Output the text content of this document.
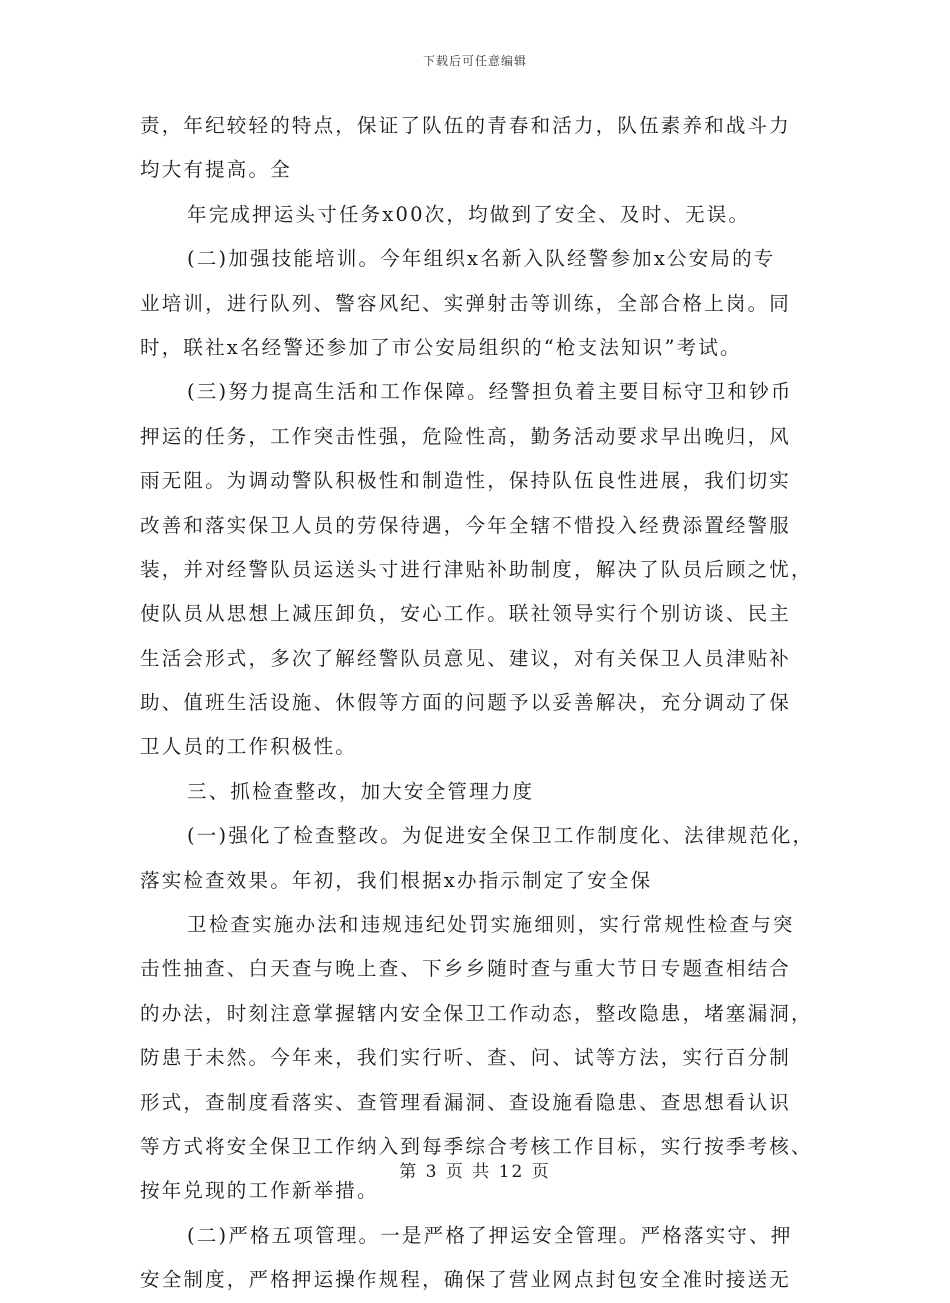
下载后可任意编辑
责，年纪较轻的特点，保证了队伍的青春和活力，队伍素养和战斗力
均大有提高。全
年完成押运头寸任务x00次，均做到了安全、及时、无误。
(二)加强技能培训。今年组织x名新入队经警参加x公安局的专
业培训，进行队列、警容风纪、实弹射击等训练，全部合格上岗。同
时，联社x名经警还参加了市公安局组织的“枪支法知识”考试。
(三)努力提高生活和工作保障。经警担负着主要目标守卫和钞币
押运的任务，工作突击性强，危险性高，勤务活动要求早出晚归，风
雨无阻。为调动警队积极性和制造性，保持队伍良性进展，我们切实
改善和落实保卫人员的劳保待遇，今年全辖不惜投入经费添置经警服
装，并对经警队员运送头寸进行津贴补助制度，解决了队员后顾之忧，
使队员从思想上减压卸负，安心工作。联社领导实行个别访谈、民主
生活会形式，多次了解经警队员意见、建议，对有关保卫人员津贴补
助、值班生活设施、休假等方面的问题予以妥善解决，充分调动了保
卫人员的工作积极性。
三、抓检查整改，加大安全管理力度
(一)强化了检查整改。为促进安全保卫工作制度化、法律规范化，
落实检查效果。年初，我们根据x办指示制定了安全保
卫检查实施办法和违规违纪处罚实施细则，实行常规性检查与突
击性抽查、白天查与晚上查、下乡乡随时查与重大节日专题查相结合
的办法，时刻注意掌握辖内安全保卫工作动态，整改隐患，堵塞漏洞，
防患于未然。今年来，我们实行听、查、问、试等方法，实行百分制
形式，查制度看落实、查管理看漏洞、查设施看隐患、查思想看认识
等方式将安全保卫工作纳入到每季综合考核工作目标，实行按季考核、
按年兑现的工作新举措。
(二)严格五项管理。一是严格了押运安全管理。严格落实守、押
安全制度，严格押运操作规程，确保了营业网点封包安全准时接送无
第 3 页 共 12 页
